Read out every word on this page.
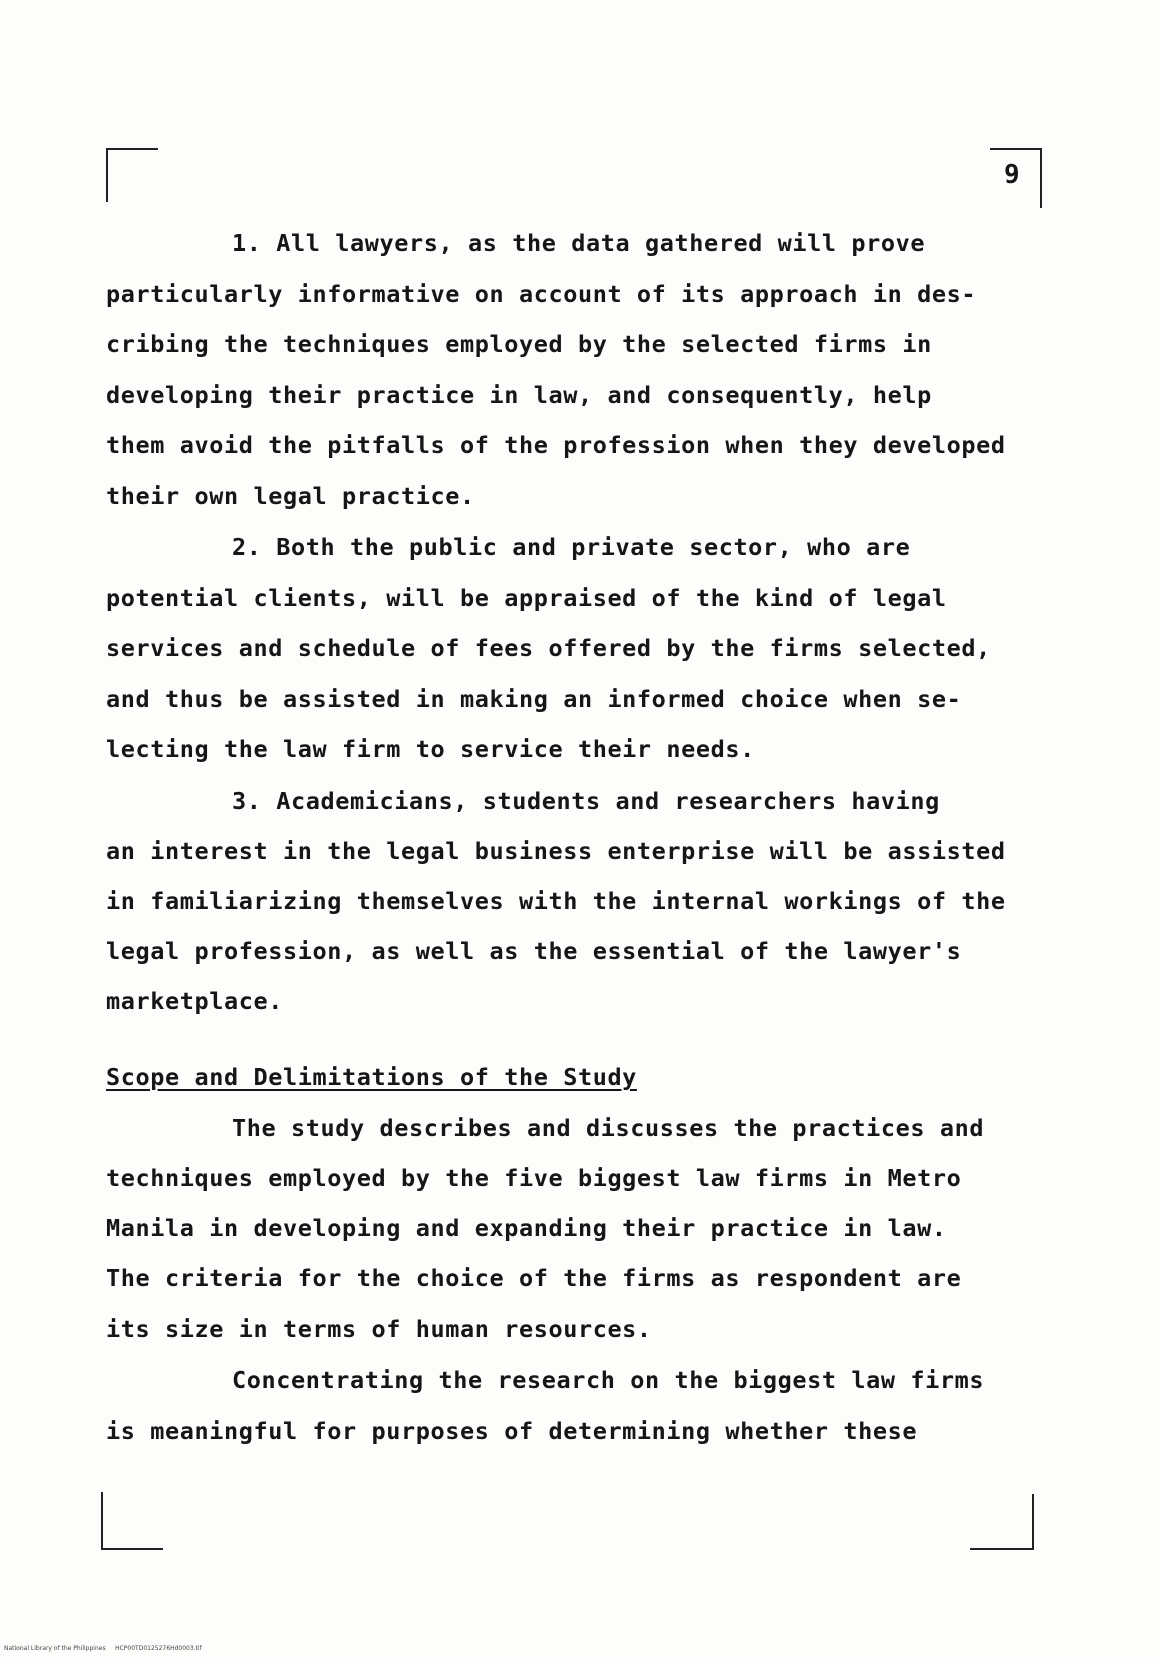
9
1. All lawyers, as the data gathered will prove
particularly informative on account of its approach in des-
cribing the techniques employed by the selected firms in
developing their practice in law, and consequently, help
them avoid the pitfalls of the profession when they developed
their own legal practice.
2. Both the public and private sector, who are
potential clients, will be appraised of the kind of legal
services and schedule of fees offered by the firms selected,
and thus be assisted in making an informed choice when se-
lecting the law firm to service their needs.
3. Academicians, students and researchers having
an interest in the legal business enterprise will be assisted
in familiarizing themselves with the internal workings of the
legal profession, as well as the essential of the lawyer's
marketplace.
Scope and Delimitations of the Study
The study describes and discusses the practices and
techniques employed by the five biggest law firms in Metro
Manila in developing and expanding their practice in law.
The criteria for the choice of the firms as respondent are
its size in terms of human resources.
Concentrating the research on the biggest law firms
is meaningful for purposes of determining whether these
National Library of the Philippines     HCP00TD0125276Hd0003.tif
